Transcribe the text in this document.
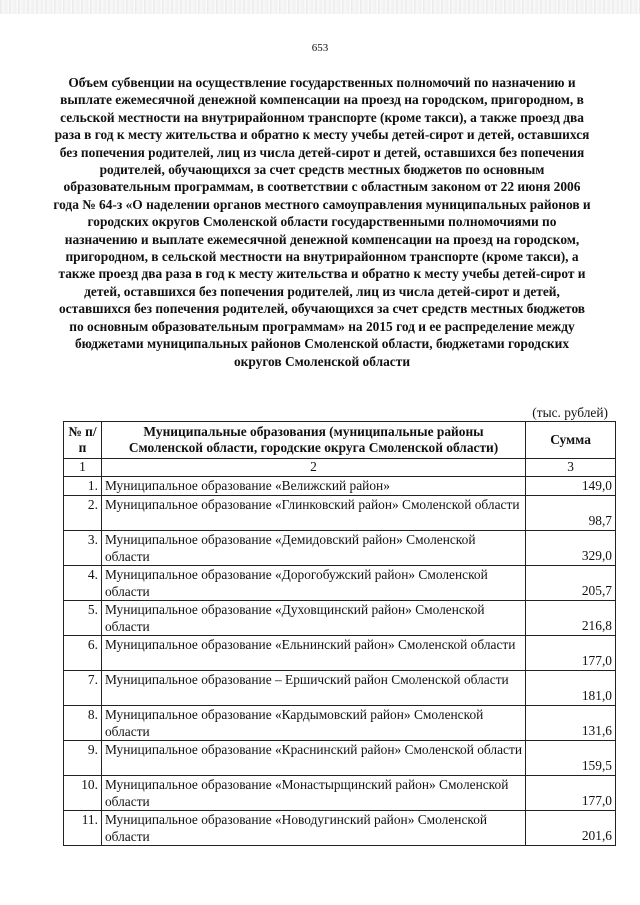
653
Объем субвенции на осуществление государственных полномочий по назначению и выплате ежемесячной денежной компенсации на проезд на городском, пригородном, в сельской местности на внутрирайонном транспорте (кроме такси), а также проезд два раза в год к месту жительства и обратно к месту учебы детей-сирот и детей, оставшихся без попечения родителей, лиц из числа детей-сирот и детей, оставшихся без попечения родителей, обучающихся за счет средств местных бюджетов по основным образовательным программам, в соответствии с областным законом от 22 июня 2006 года № 64-з «О наделении органов местного самоуправления муниципальных районов и городских округов Смоленской области государственными полномочиями по назначению и выплате ежемесячной денежной компенсации на проезд на городском, пригородном, в сельской местности на внутрирайонном транспорте (кроме такси), а также проезд два раза в год к месту жительства и обратно к месту учебы детей-сирот и детей, оставшихся без попечения родителей, лиц из числа детей-сирот и детей, оставшихся без попечения родителей, обучающихся за счет средств местных бюджетов по основным образовательным программам» на 2015 год и ее распределение между бюджетами муниципальных районов Смоленской области, бюджетами городских округов Смоленской области
(тыс. рублей)
№ п/п	Муниципальные образования (муниципальные районы Смоленской области, городские округа Смоленской области)	Сумма
1	2	3
1.	Муниципальное образование «Велижский район»	149,0
2.	Муниципальное образование «Глинковский район» Смоленской области	98,7
3.	Муниципальное образование «Демидовский район» Смоленской области	329,0
4.	Муниципальное образование «Дорогобужский район» Смоленской области	205,7
5.	Муниципальное образование «Духовщинский район» Смоленской области	216,8
6.	Муниципальное образование «Ельнинский район» Смоленской области	177,0
7.	Муниципальное образование – Ершичский район Смоленской области	181,0
8.	Муниципальное образование «Кардымовский район» Смоленской области	131,6
9.	Муниципальное образование «Краснинский район» Смоленской области	159,5
10.	Муниципальное образование «Монастырщинский район» Смоленской области	177,0
11.	Муниципальное образование «Новодугинский район» Смоленской области	201,6
